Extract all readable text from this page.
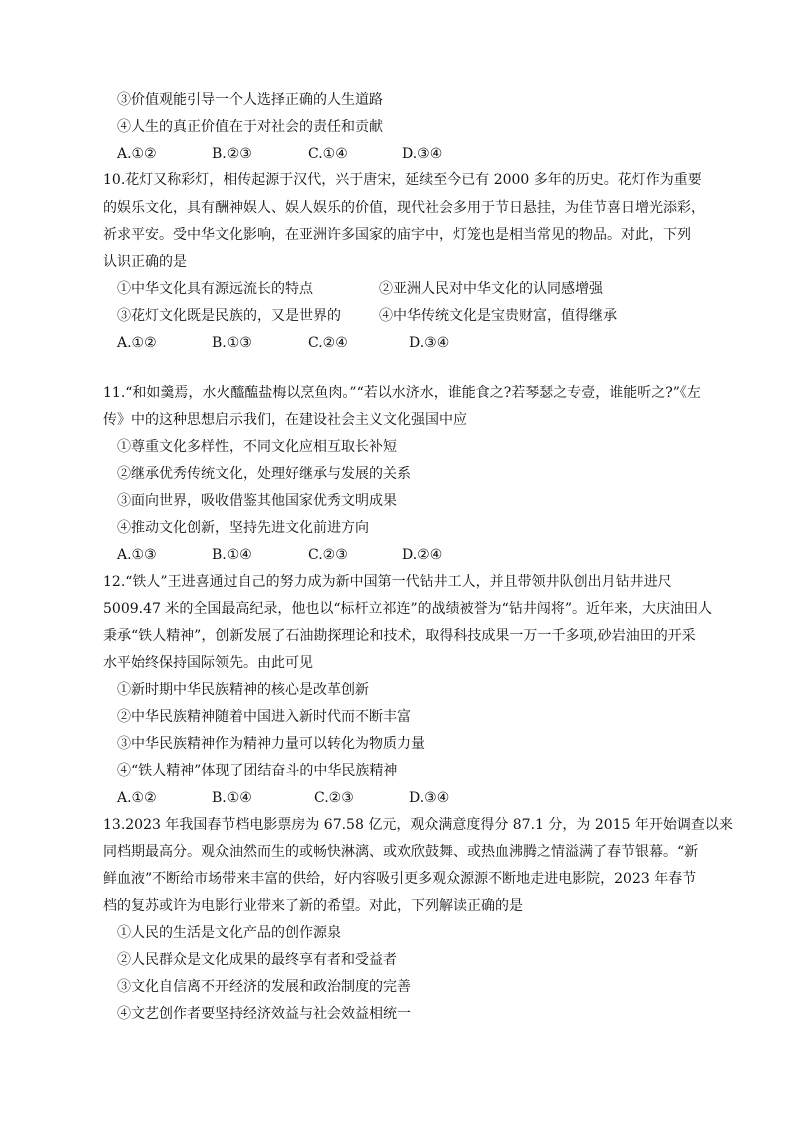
③价值观能引导一个人选择正确的人生道路
④人生的真正价值在于对社会的责任和贡献
A.①②	B.②③	C.①④	D.③④
10.花灯又称彩灯，相传起源于汉代，兴于唐宋，延续至今已有 2000 多年的历史。花灯作为重要
的娱乐文化，具有酬神娱人、娱人娱乐的价值，现代社会多用于节日悬挂，为佳节喜日增光添彩，
祈求平安。受中华文化影响，在亚洲许多国家的庙宇中，灯笼也是相当常见的物品。对此，下列
认识正确的是
①中华文化具有源远流长的特点	②亚洲人民对中华文化的认同感增强
③花灯文化既是民族的，又是世界的	④中华传统文化是宝贵财富，值得继承
A.①②	B.①③	C.②④	D.③④
11.“和如羹焉，水火醯醢盐梅以烹鱼肉。”“若以水济水，谁能食之?若琴瑟之专壹，谁能听之?”《左
传》中的这种思想启示我们，在建设社会主义文化强国中应
①尊重文化多样性，不同文化应相互取长补短
②继承优秀传统文化，处理好继承与发展的关系
③面向世界，吸收借鉴其他国家优秀文明成果
④推动文化创新，坚持先进文化前进方向
A.①③	B.①④	C.②③	D.②④
12.“铁人”王进喜通过自己的努力成为新中国第一代钻井工人，并且带领井队创出月钻井进尺
5009.47 米的全国最高纪录，他也以“标杆立祁连”的战绩被誉为“钻井闯将”。近年来，大庆油田人
秉承“铁人精神”，创新发展了石油勘探理论和技术，取得科技成果一万一千多项,砂岩油田的开采
水平始终保持国际领先。由此可见
①新时期中华民族精神的核心是改革创新
②中华民族精神随着中国进入新时代而不断丰富
③中华民族精神作为精神力量可以转化为物质力量
④“铁人精神”体现了团结奋斗的中华民族精神
A.①②	B.①④	C.②③	D.③④
13.2023 年我国春节档电影票房为 67.58 亿元，观众满意度得分 87.1 分，为 2015 年开始调查以来
同档期最高分。观众油然而生的或畅快淋漓、或欢欣鼓舞、或热血沸腾之情溢满了春节银幕。“新
鲜血液”不断给市场带来丰富的供给，好内容吸引更多观众源源不断地走进电影院，2023 年春节
档的复苏或许为电影行业带来了新的希望。对此，下列解读正确的是
①人民的生活是文化产品的创作源泉
②人民群众是文化成果的最终享有者和受益者
③文化自信离不开经济的发展和政治制度的完善
④文艺创作者要坚持经济效益与社会效益相统一
